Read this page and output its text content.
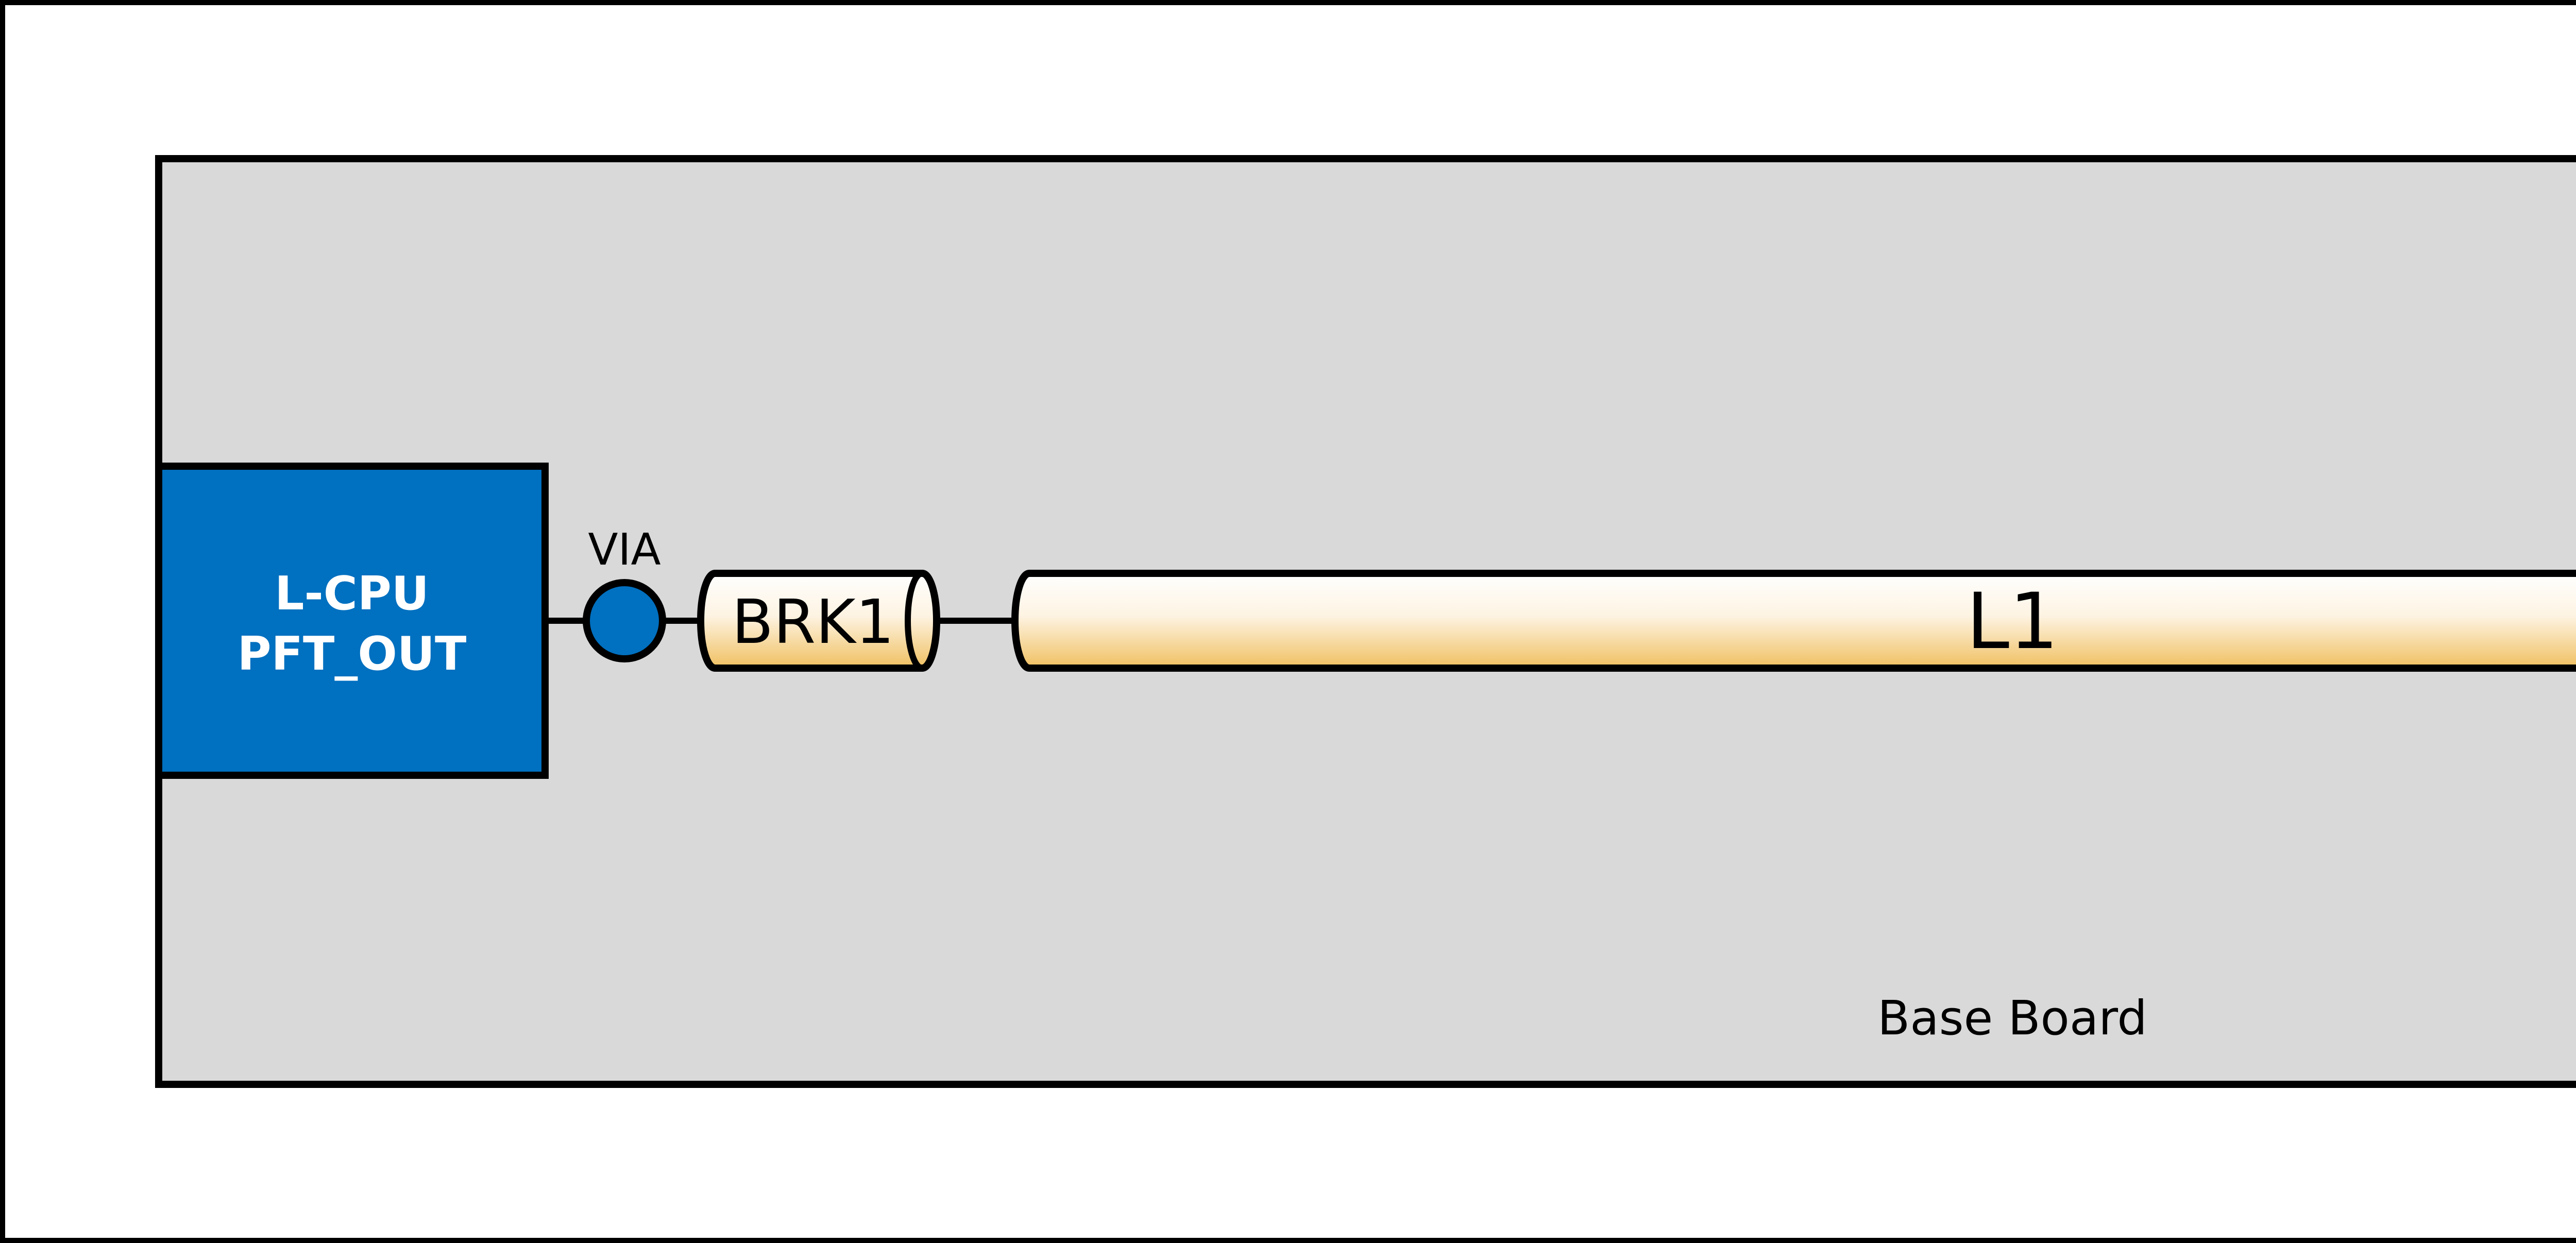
Base Board
L-CPU
PFT_OUT
VIA
BRK1	L1
